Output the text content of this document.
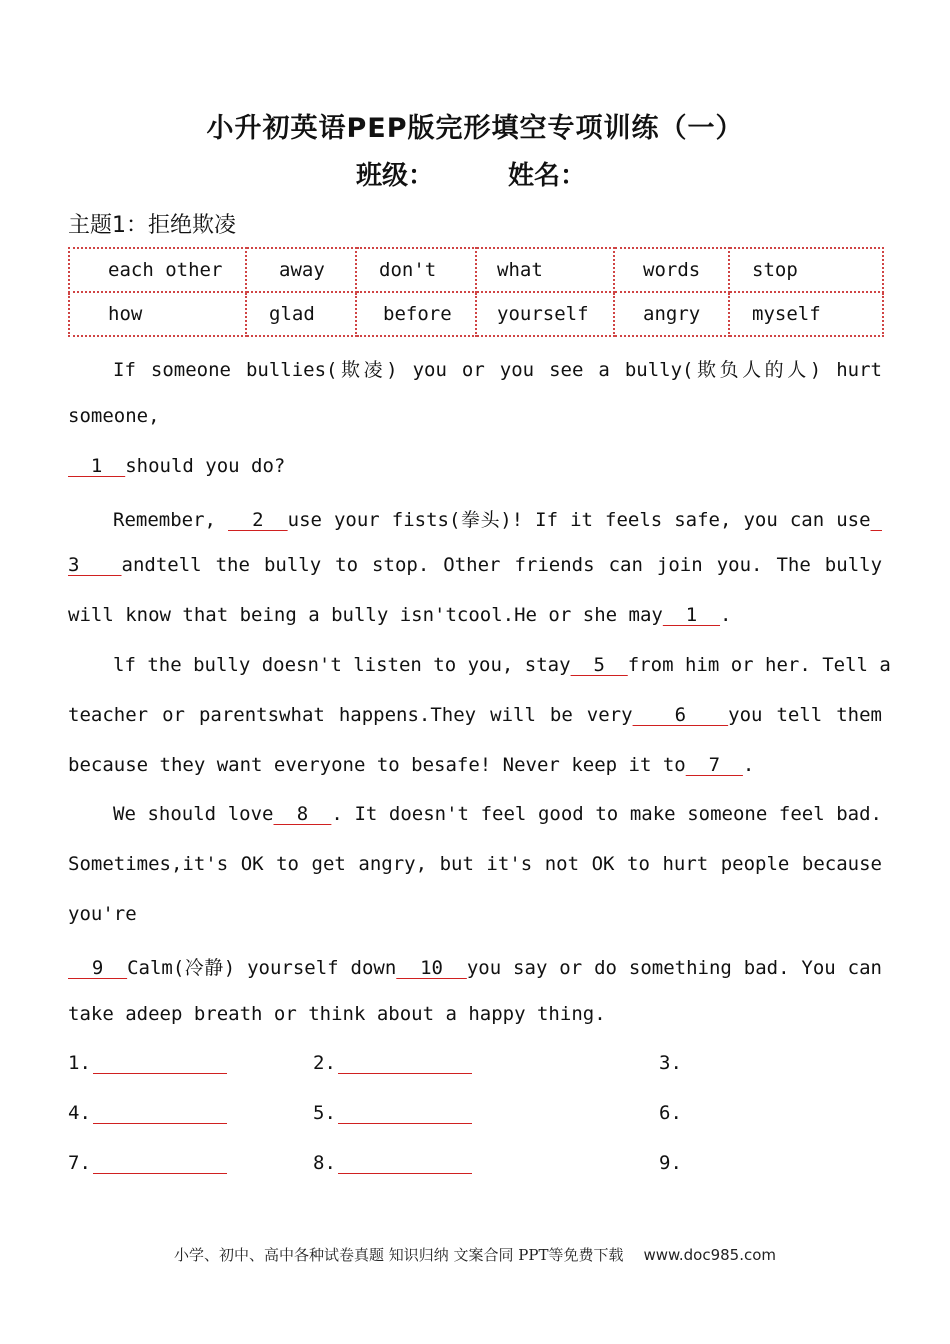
小升初英语PEP版完形填空专项训练（一）
班级：	姓名：
主题1：拒绝欺凌
each other	away	don't	what	words	stop
how	glad	before	yourself	angry	myself
If someone bullies(欺凌) you or you see a bully(欺负人的人) hurt
someone,
1  should you do?
Remember,   2  use your fists(拳头)! If it feels safe, you can use
3   andtell the bully to stop. Other friends can join you. The bully
will know that being a bully isn'tcool.He or she may  1  .
lf the bully doesn't listen to you, stay  5  from him or her. Tell a
teacher or parentswhat happens.They will be very   6   you tell them
because they want everyone to besafe! Never keep it to  7  .
We should love  8  . It doesn't feel good to make someone feel bad.
Sometimes,it's OK to get angry, but it's not OK to hurt people because
you're
9  Calm(冷静) yourself down  10  you say or do something bad. You can
take adeep breath or think about a happy thing.
1.	2.	3.
4.	5.	6.
7.	8.	9.
小学、初中、高中各种试卷真题 知识归纳 文案合同 PPT等免费下载 www.doc985.com
